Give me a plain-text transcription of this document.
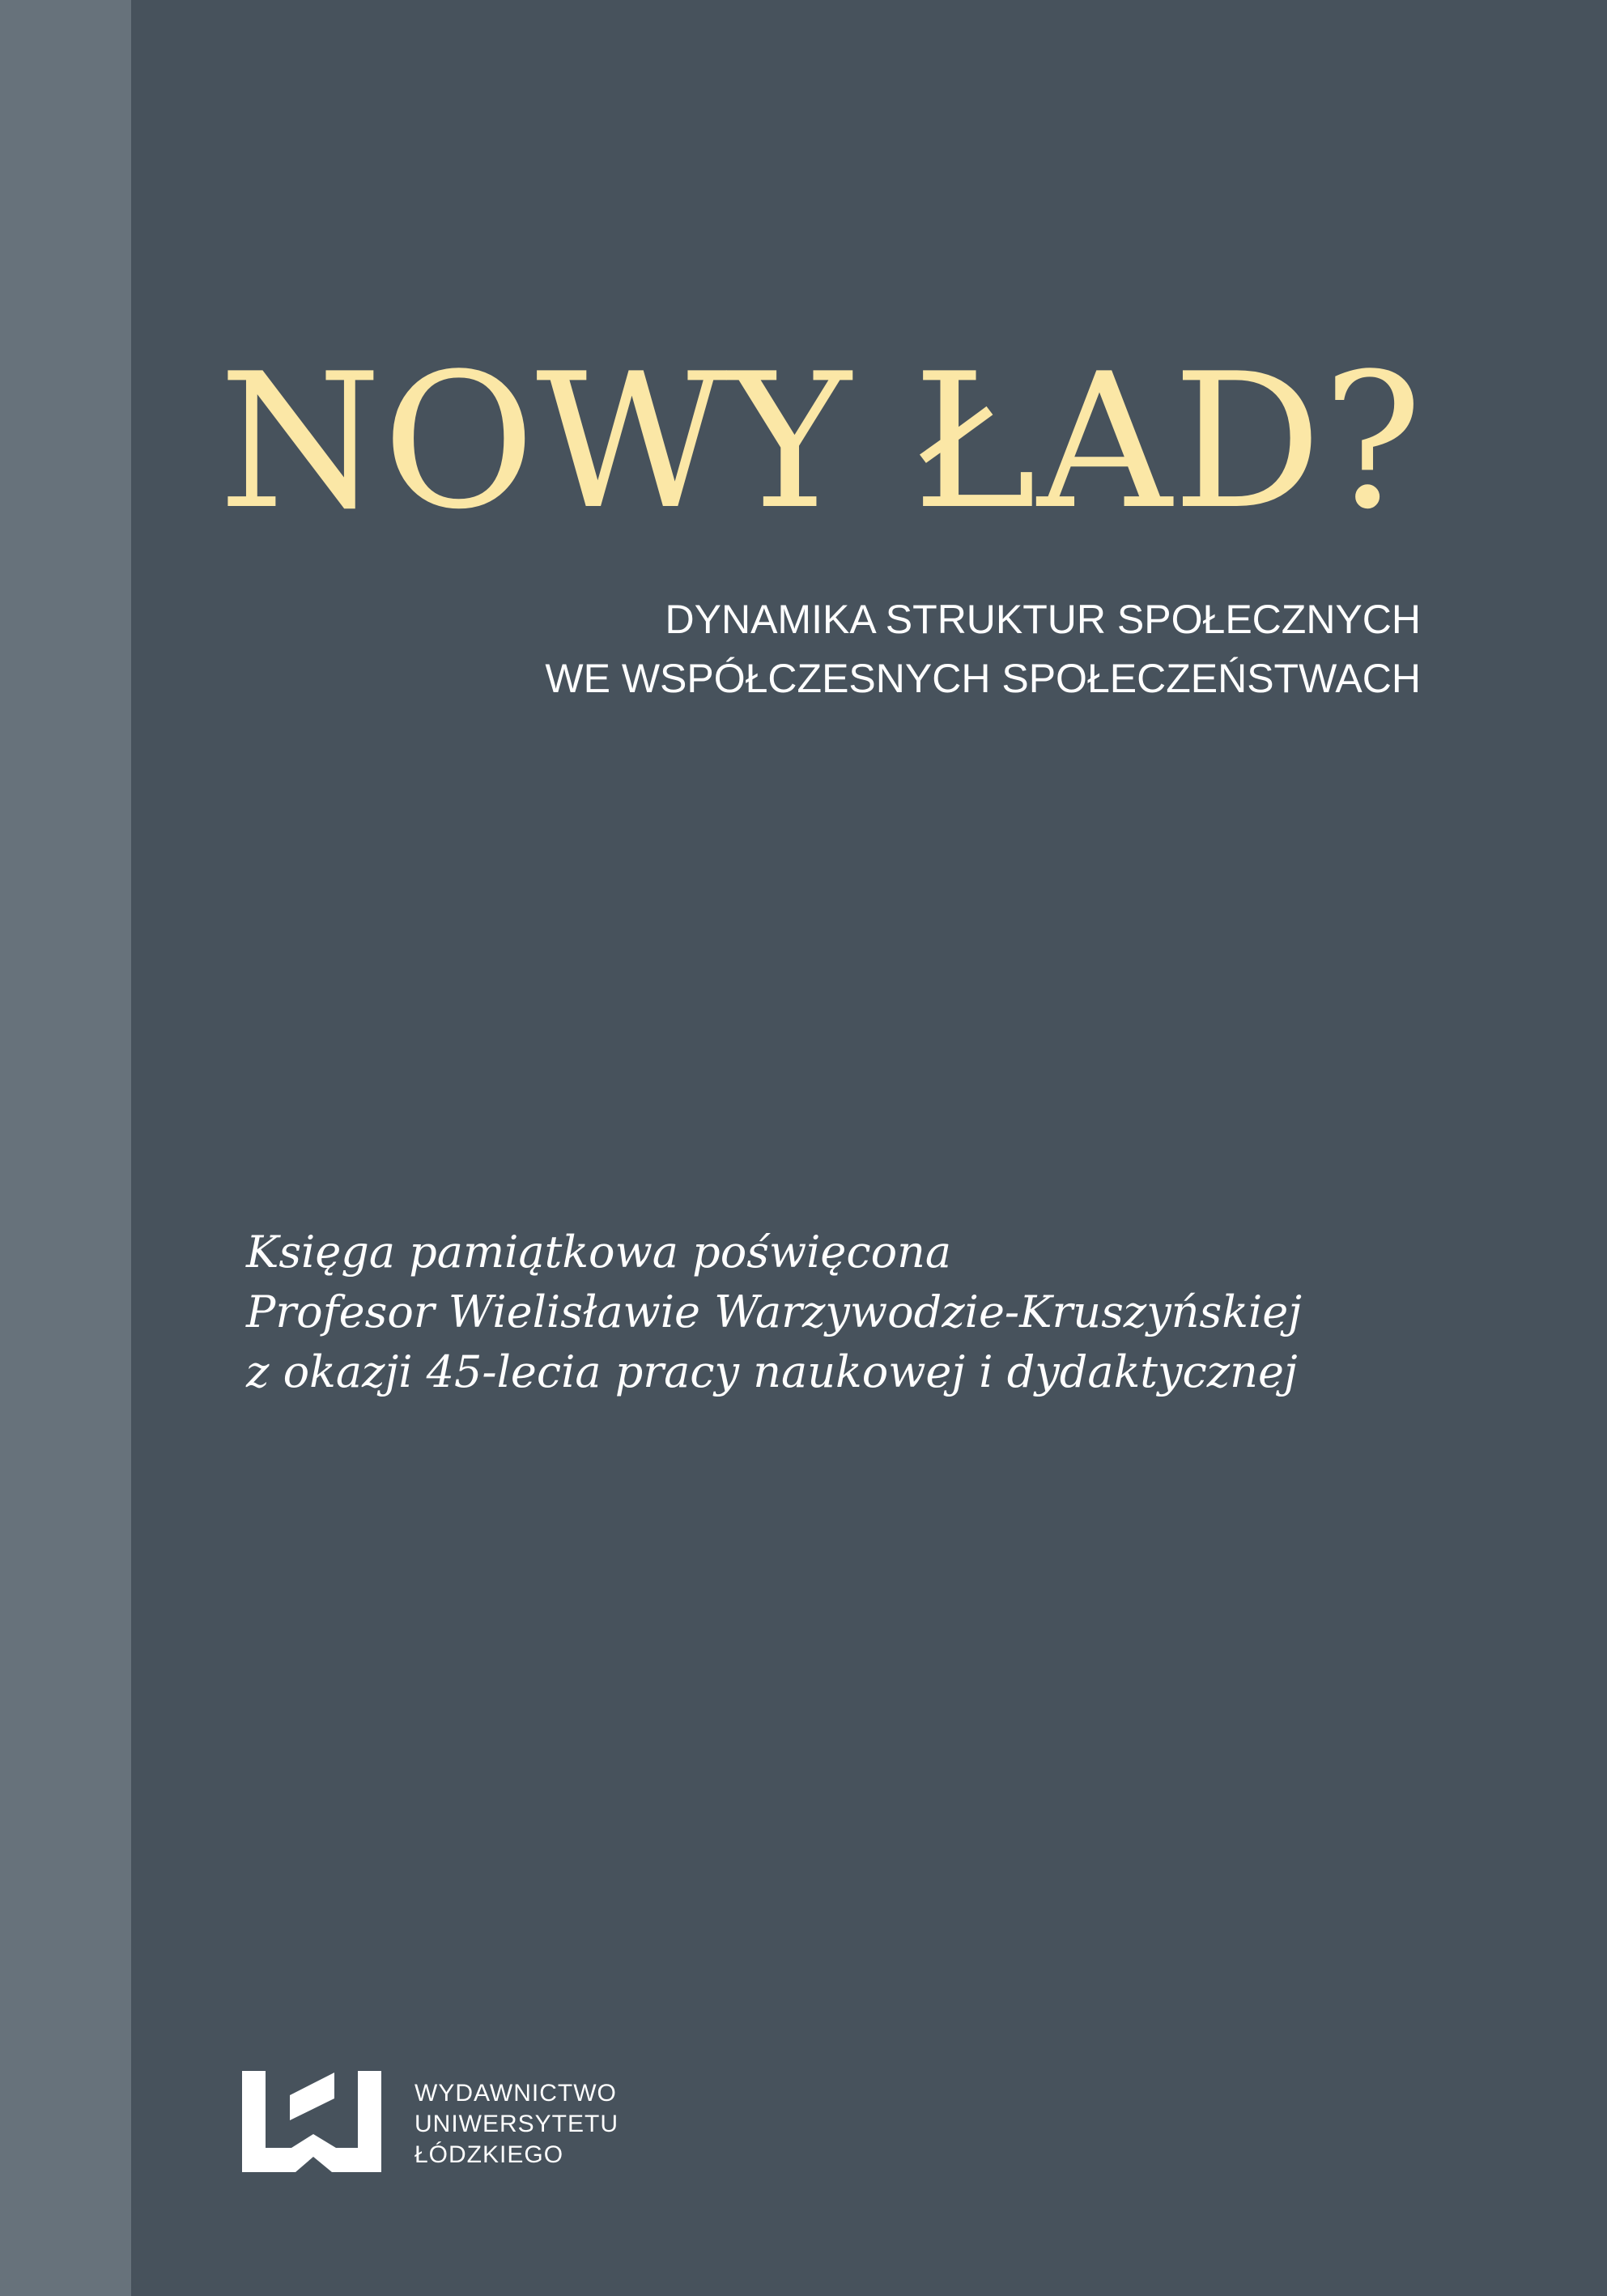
NOWY ŁAD?
DYNAMIKA STRUKTUR SPOŁECZNYCH
WE WSPÓŁCZESNYCH SPOŁECZEŃSTWACH
Księga pamiątkowa poświęcona
Profesor Wielisławie Warzywodzie-Kruszyńskiej
z okazji 45-lecia pracy naukowej i dydaktycznej
WYDAWNICTWO
UNIWERSYTETU
ŁÓDZKIEGO
